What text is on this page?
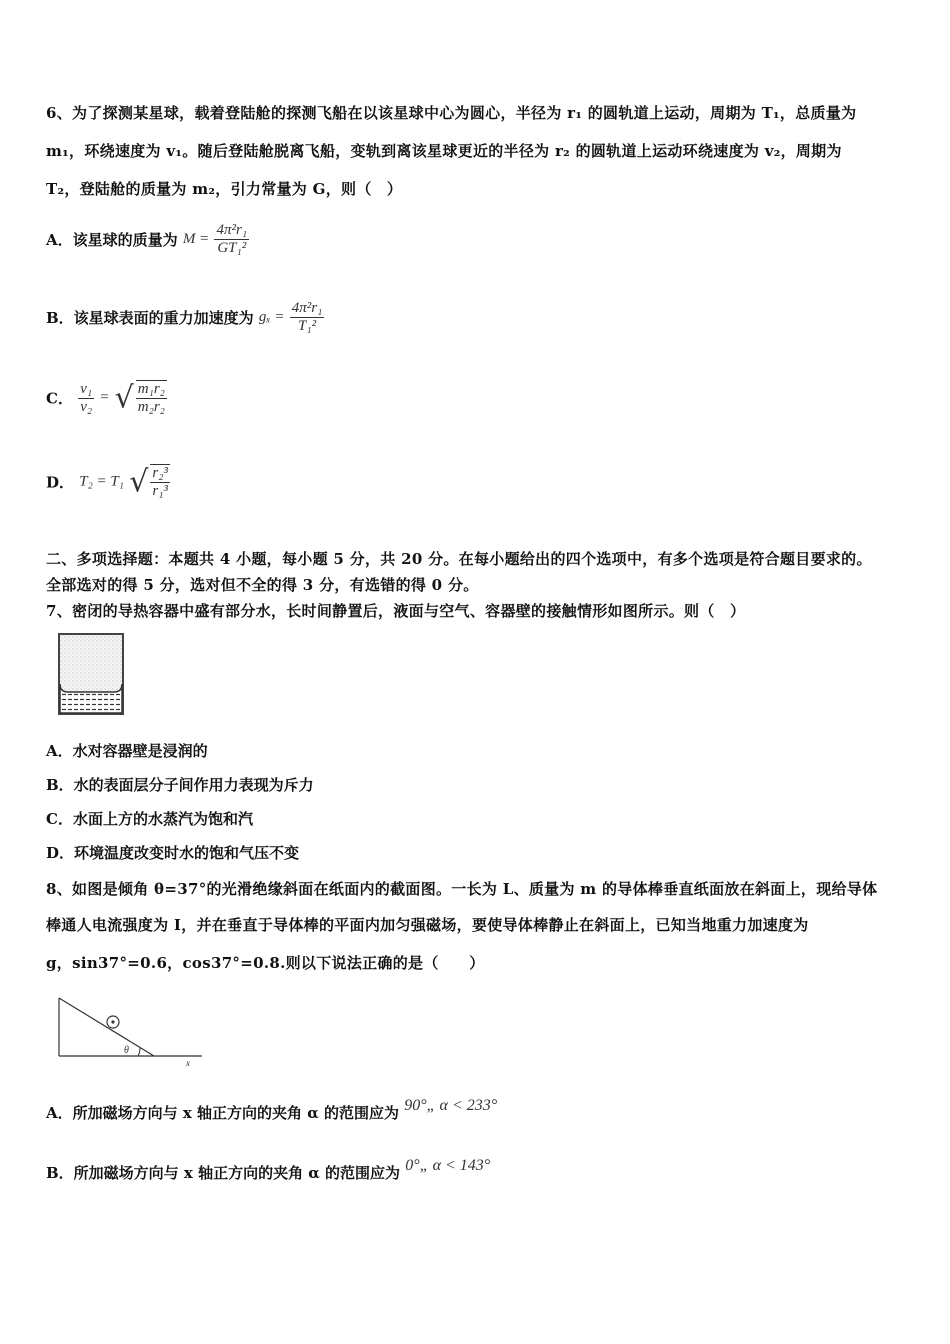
6、为了探测某星球，载着登陆舱的探测飞船在以该星球中心为圆心，半径为 r₁ 的圆轨道上运动，周期为 T₁，总质量为
m₁，环绕速度为 v₁。随后登陆舱脱离飞船，变轨到离该星球更近的半径为 r₂ 的圆轨道上运动环绕速度为 v₂，周期为
T₂，登陆舱的质量为 m₂，引力常量为 G，则（　）
A．该星球的质量为 $M = \frac{\text{4π²r₁}}{\text{GT₁²}}$
B．该星球表面的重力加速度为 $g_x = \frac{\text{4π²r₁}}{\text{T₁²}}$
C． $\frac{\text{v₁}}{\text{v₂}}$ = √ $\frac{\text{m₁r₂}}{\text{m₂r₂}}$
D． T₂ = T₁ √ $\frac{\text{r₂³}}{\text{r₁³}}$
二、多项选择题：本题共 4 小题，每小题 5 分，共 20 分。在每小题给出的四个选项中，有多个选项是符合题目要求的。
全部选对的得 5 分，选对但不全的得 3 分，有选错的得 0 分。
7、密闭的导热容器中盛有部分水，长时间静置后，液面与空气、容器壁的接触情形如图所示。则（　）
A．水对容器壁是浸润的
B．水的表面层分子间作用力表现为斥力
C．水面上方的水蒸汽为饱和汽
D．环境温度改变时水的饱和气压不变
8、如图是倾角 θ=37°的光滑绝缘斜面在纸面内的截面图。一长为 L、质量为 m 的导体棒垂直纸面放在斜面上，现给导体
棒通人电流强度为 I，并在垂直于导体棒的平面内加匀强磁场，要使导体棒静止在斜面上，已知当地重力加速度为
g，sin37°=0.6，cos37°=0.8.则以下说法正确的是（　　）
θ
x
A．所加磁场方向与 x 轴正方向的夹角 α 的范围应为 90°„ α < 233°
B．所加磁场方向与 x 轴正方向的夹角 α 的范围应为 0°„ α < 143°
